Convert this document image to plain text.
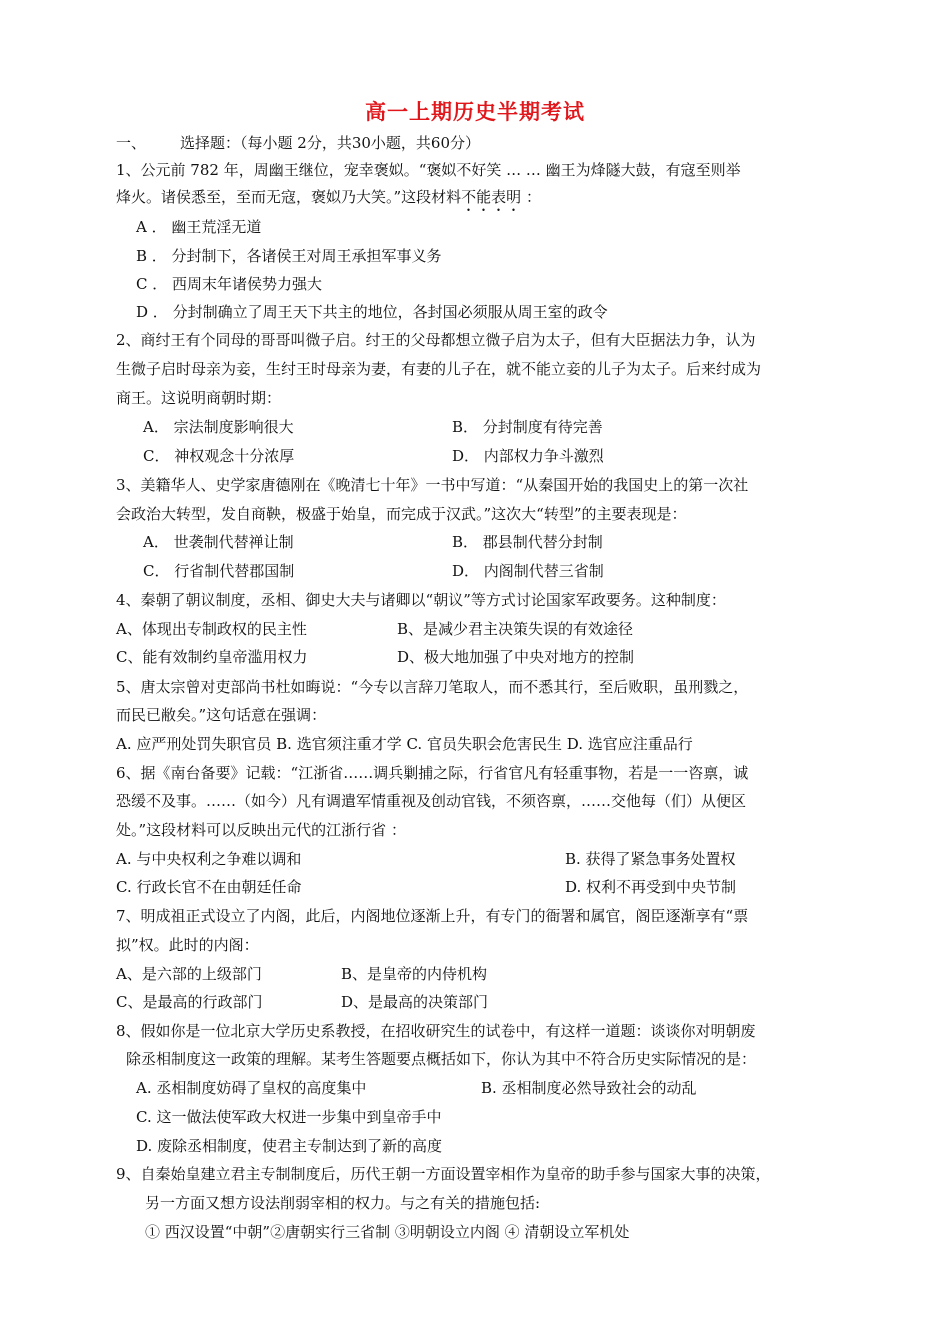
高一上期历史半期考试
一、 选择题：（每小题 2分，共30小题，共60分）
1、公元前 782 年，周幽王继位，宠幸褒姒。“褒姒不好笑 … … 幽王为烽隧大鼓，有寇至则举
烽火。诸侯悉至，至而无寇，褒姒乃大笑。”这段材料不能表明 ：
A ． 幽王荒淫无道
B ． 分封制下，各诸侯王对周王承担军事义务
C ． 西周末年诸侯势力强大
D ． 分封制确立了周王天下共主的地位，各封国必须服从周王室的政令
2、商纣王有个同母的哥哥叫微子启。纣王的父母都想立微子启为太子，但有大臣据法力争，认为
生微子启时母亲为妾，生纣王时母亲为妻，有妻的儿子在，就不能立妾的儿子为太子。后来纣成为
商王。这说明商朝时期：
A． 宗法制度影响很大	B． 分封制度有待完善
C． 神权观念十分浓厚	D． 内部权力争斗激烈
3、美籍华人、史学家唐德刚在《晚清七十年》一书中写道：“从秦国开始的我国史上的第一次社
会政治大转型，发自商鞅，极盛于始皇，而完成于汉武。”这次大“转型”的主要表现是：
A． 世袭制代替禅让制	B． 郡县制代替分封制
C． 行省制代替郡国制	D． 内阁制代替三省制
4、秦朝了朝议制度，丞相、御史大夫与诸卿以“朝议”等方式讨论国家军政要务。这种制度：
A、体现出专制政权的民主性	B、是减少君主决策失误的有效途径
C、能有效制约皇帝滥用权力	D、极大地加强了中央对地方的控制
5、唐太宗曾对吏部尚书杜如晦说：“今专以言辞刀笔取人，而不悉其行，至后败职，虽刑戮之，
而民已敝矣。”这句话意在强调：
A. 应严刑处罚失职官员 B. 选官须注重才学 C. 官员失职会危害民生 D. 选官应注重品行
6、据《南台备要》记载：“江浙省……调兵剿捕之际，行省官凡有轻重事物，若是一一咨禀，诚
恐缓不及事。……（如今）凡有调遣军情重视及创动官钱，不须咨禀，……交他每（们）从便区
处。”这段材料可以反映出元代的江浙行省 ：
A. 与中央权利之争难以调和	B. 获得了紧急事务处置权
C. 行政长官不在由朝廷任命	D. 权利不再受到中央节制
7、明成祖正式设立了内阁，此后，内阁地位逐渐上升，有专门的衙署和属官，阁臣逐渐享有“票
拟”权。此时的内阁：
A、是六部的上级部门	B、是皇帝的内侍机构
C、是最高的行政部门	D、是最高的决策部门
8、假如你是一位北京大学历史系教授，在招收研究生的试卷中，有这样一道题：谈谈你对明朝废
除丞相制度这一政策的理解。某考生答题要点概括如下，你认为其中不符合历史实际情况的是：
A. 丞相制度妨碍了皇权的高度集中	B. 丞相制度必然导致社会的动乱
C. 这一做法使军政大权进一步集中到皇帝手中
D. 废除丞相制度，使君主专制达到了新的高度
9、自秦始皇建立君主专制制度后，历代王朝一方面设置宰相作为皇帝的助手参与国家大事的决策，
另一方面又想方设法削弱宰相的权力。与之有关的措施包括:
① 西汉设置“中朝”②唐朝实行三省制 ③明朝设立内阁 ④ 清朝设立军机处
